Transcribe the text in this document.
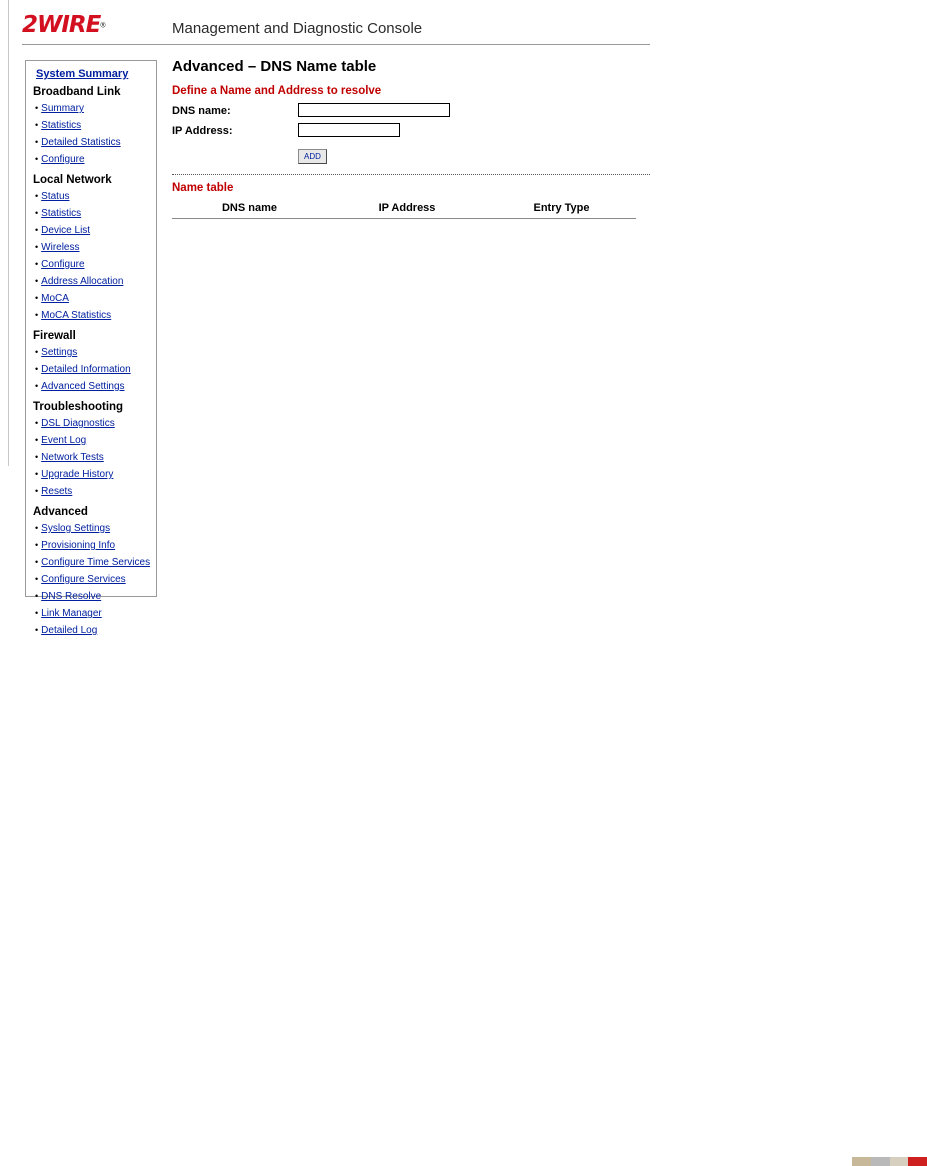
2WIRE®	Management and Diagnostic Console
System Summary
Broadband Link
• Summary
• Statistics
• Detailed Statistics
• Configure
Local Network
• Status
• Statistics
• Device List
• Wireless
• Configure
• Address Allocation
• MoCA
• MoCA Statistics
Firewall
• Settings
• Detailed Information
• Advanced Settings
Troubleshooting
• DSL Diagnostics
• Event Log
• Network Tests
• Upgrade History
• Resets
Advanced
• Syslog Settings
• Provisioning Info
• Configure Time Services
• Configure Services
• DNS Resolve
• Link Manager
• Detailed Log
Advanced – DNS Name table
Define a Name and Address to resolve
DNS name:
IP Address:
ADD
Name table
DNS name	IP Address	Entry Type
